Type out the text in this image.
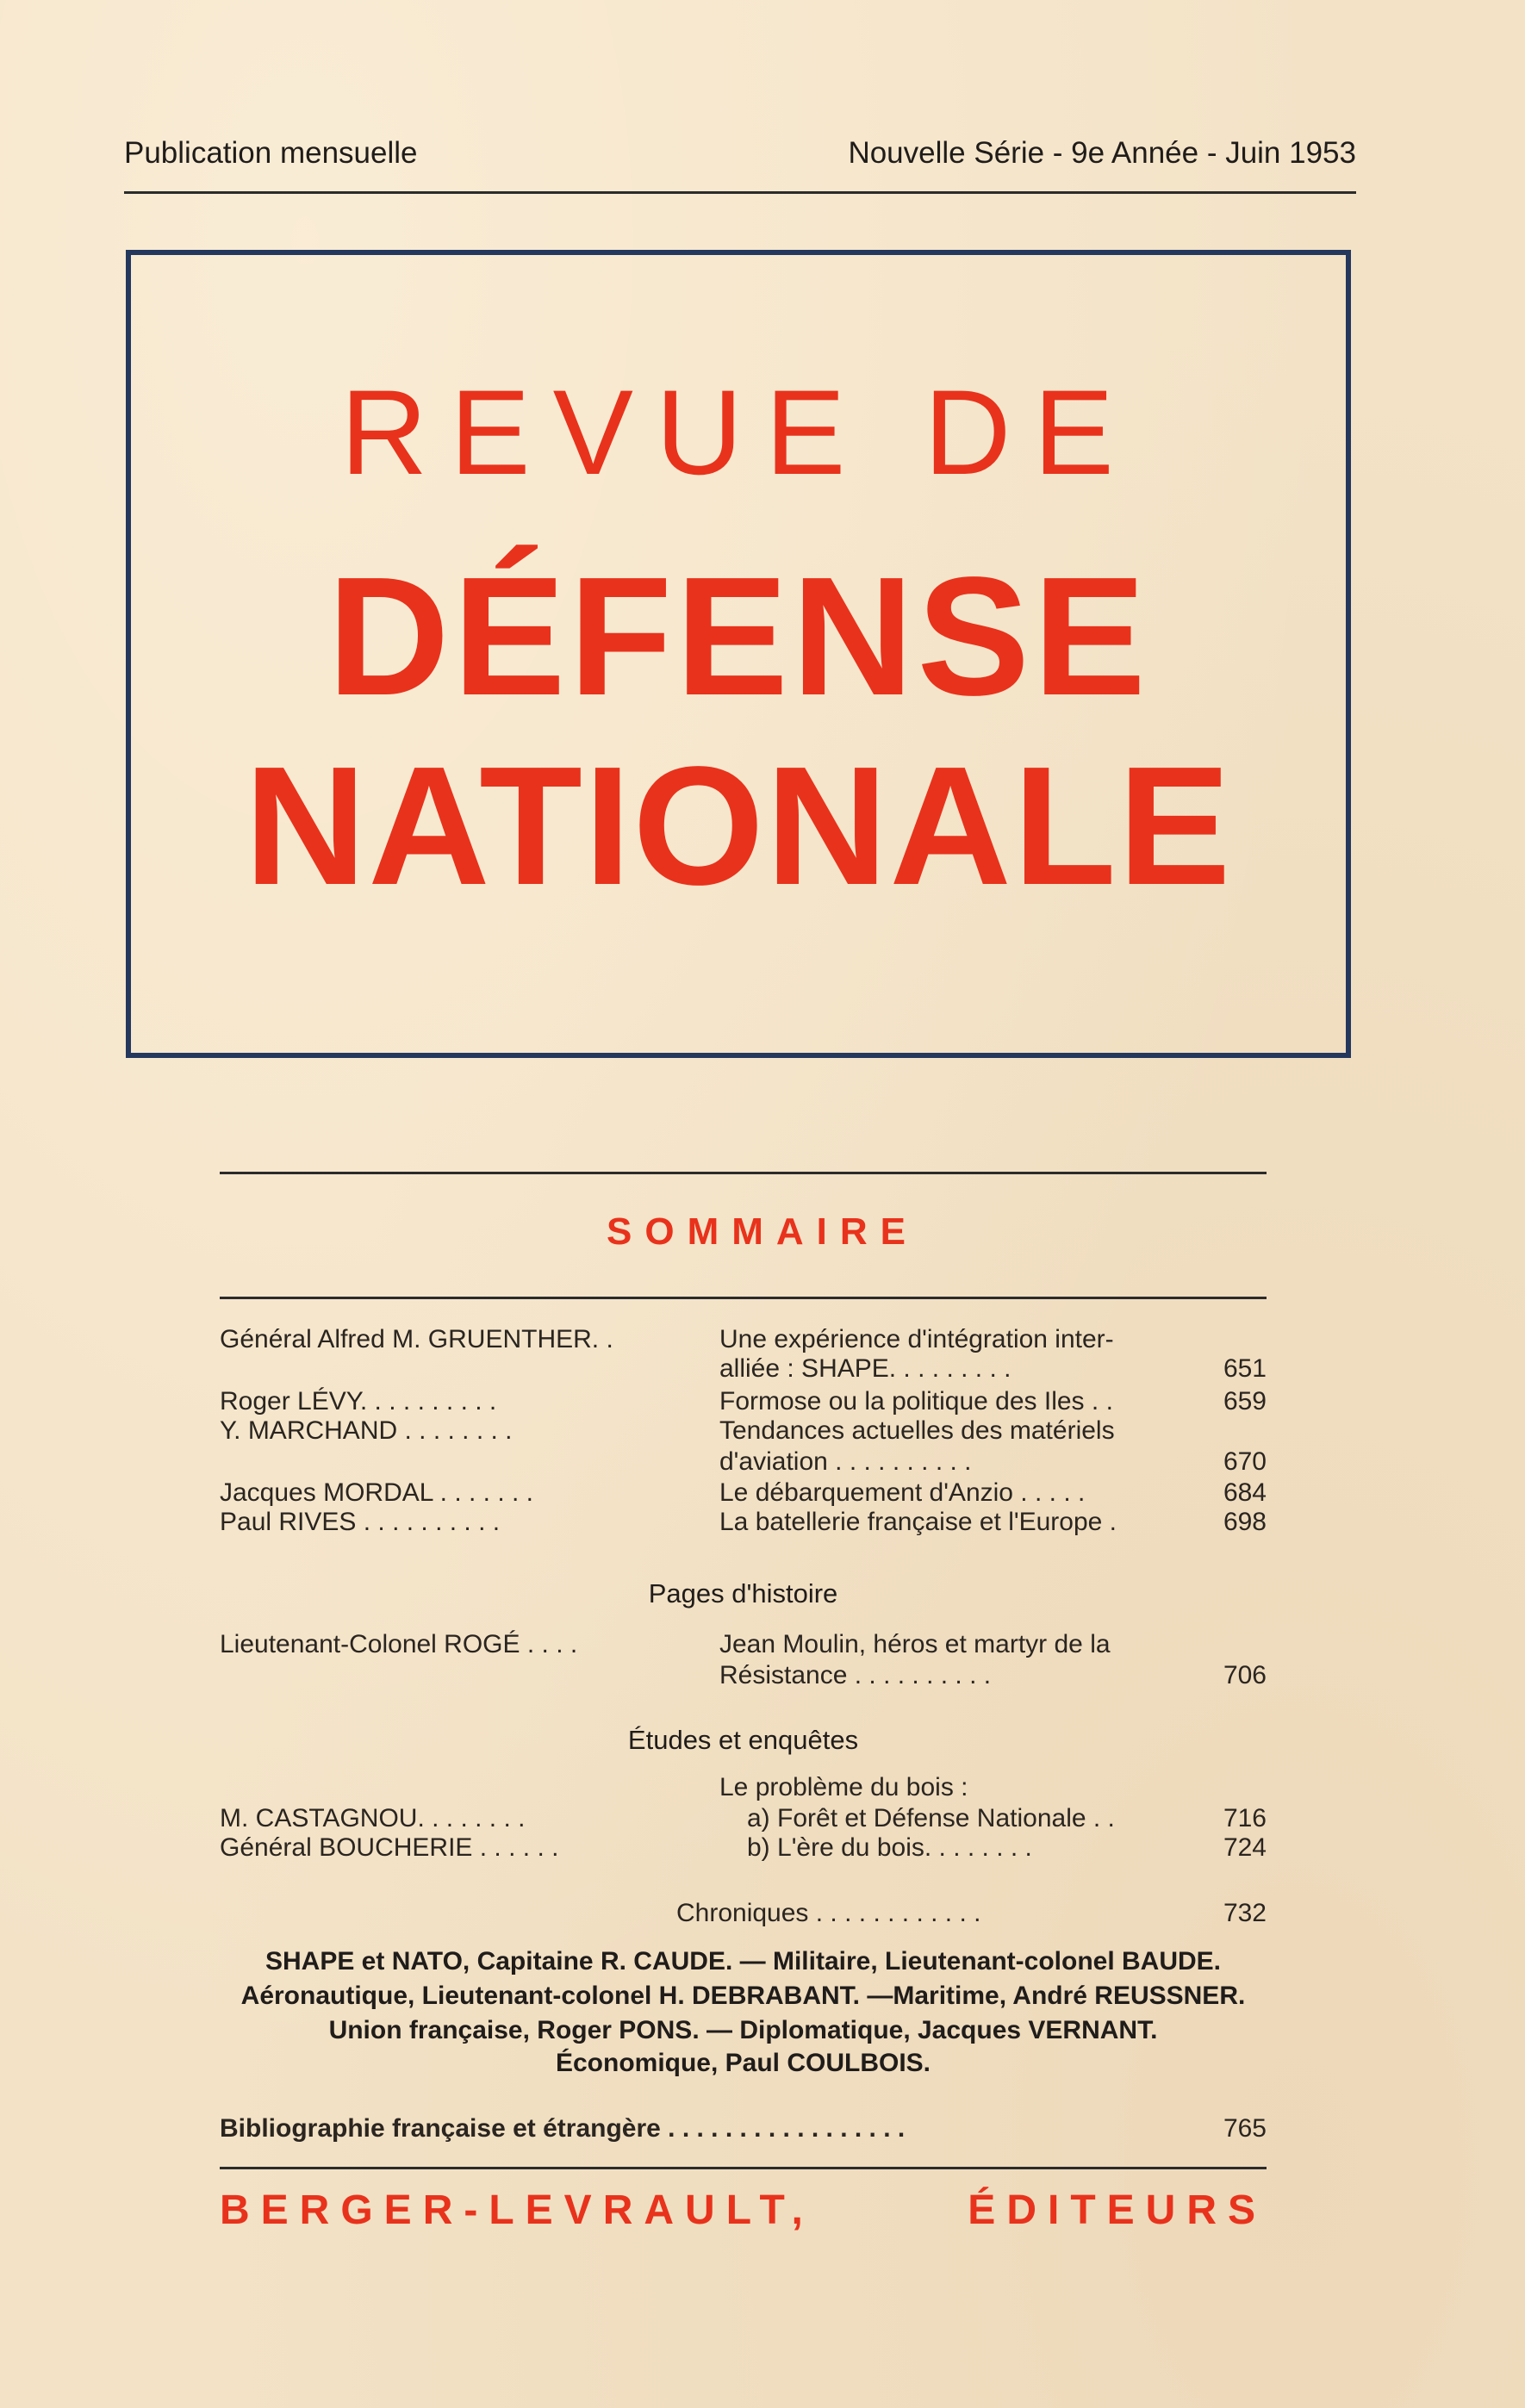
Publication mensuelle	Nouvelle Série - 9e Année - Juin 1953
REVUE DE
DÉFENSE
NATIONALE
SOMMAIRE
Général Alfred M. GRUENTHER. .	Une expérience d'intégration inter-
alliée : SHAPE. . . . . . . . .	651
Roger LÉVY. . . . . . . . . .	Formose ou la politique des Iles . .	659
Y. MARCHAND . . . . . . . .	Tendances actuelles des matériels
d'aviation . . . . . . . . . .	670
Jacques MORDAL . . . . . . .	Le débarquement d'Anzio . . . . .	684
Paul RIVES . . . . . . . . . .	La batellerie française et l'Europe .	698
Pages d'histoire
Lieutenant-Colonel ROGÉ . . . .	Jean Moulin, héros et martyr de la
Résistance . . . . . . . . . .	706
Études et enquêtes
Le problème du bois :
M. CASTAGNOU. . . . . . . .	a) Forêt et Défense Nationale . .	716
Général BOUCHERIE . . . . . .	b) L'ère du bois. . . . . . . .	724
Chroniques . . . . . . . . . . . .	732
SHAPE et NATO, Capitaine R. CAUDE. — Militaire, Lieutenant-colonel BAUDE.
Aéronautique, Lieutenant-colonel H. DEBRABANT. —Maritime, André REUSSNER.
Union française, Roger PONS. — Diplomatique, Jacques VERNANT.
Économique, Paul COULBOIS.
Bibliographie française et étrangère . . . . . . . . . . . . . . . . .	765
BERGER-LEVRAULT,	ÉDITEURS
